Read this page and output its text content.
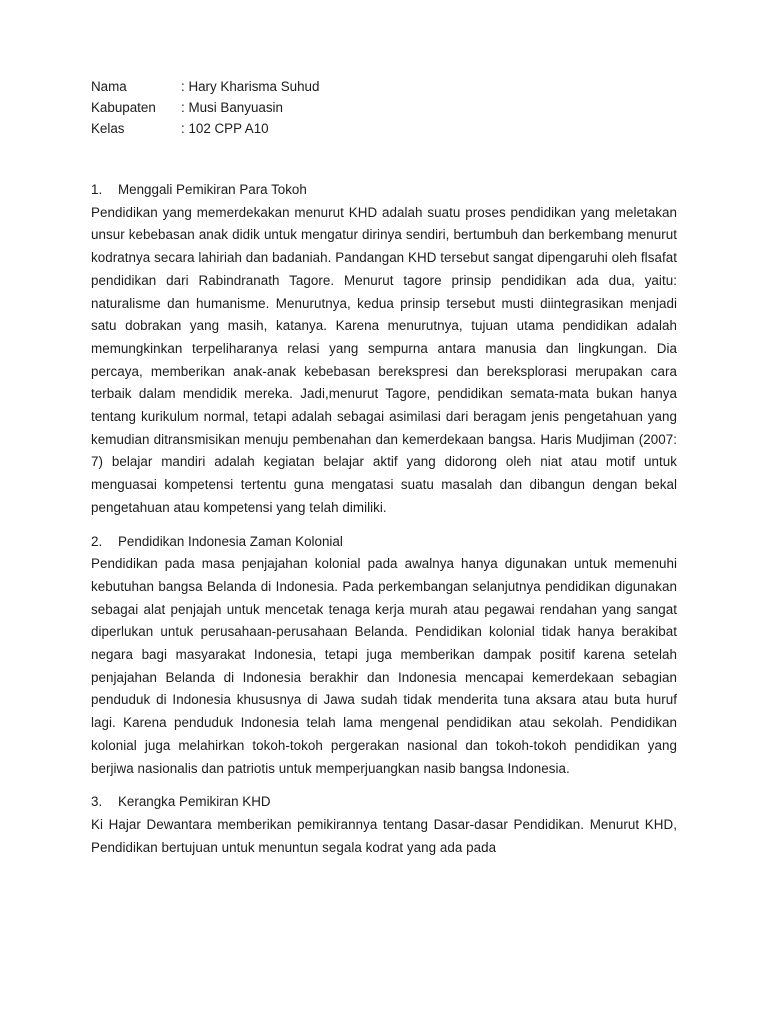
Nama	: Hary Kharisma Suhud
Kabupaten	: Musi Banyuasin
Kelas	: 102 CPP A10
1.	Menggali Pemikiran Para Tokoh

Pendidikan yang memerdekakan menurut KHD adalah suatu proses pendidikan yang meletakan unsur kebebasan anak didik untuk mengatur dirinya sendiri, bertumbuh dan berkembang menurut kodratnya secara lahiriah dan badaniah. Pandangan KHD tersebut sangat dipengaruhi oleh flsafat pendidikan dari Rabindranath Tagore. Menurut tagore prinsip pendidikan ada dua, yaitu: naturalisme dan humanisme. Menurutnya, kedua prinsip tersebut musti diintegrasikan menjadi satu dobrakan yang masih, katanya. Karena menurutnya, tujuan utama pendidikan adalah memungkinkan terpeliharanya relasi yang sempurna antara manusia dan lingkungan. Dia percaya, memberikan anak-anak kebebasan berekspresi dan bereksplorasi merupakan cara terbaik dalam mendidik mereka. Jadi,menurut Tagore, pendidikan semata-mata bukan hanya tentang kurikulum normal, tetapi adalah sebagai asimilasi dari beragam jenis pengetahuan yang kemudian ditransmisikan menuju pembenahan dan kemerdekaan bangsa. Haris Mudjiman (2007: 7) belajar mandiri adalah kegiatan belajar aktif yang didorong oleh niat atau motif untuk menguasai kompetensi tertentu guna mengatasi suatu masalah dan dibangun dengan bekal pengetahuan atau kompetensi yang telah dimiliki.

2.	Pendidikan Indonesia Zaman Kolonial

Pendidikan pada masa penjajahan kolonial pada awalnya hanya digunakan untuk memenuhi kebutuhan bangsa Belanda di Indonesia. Pada perkembangan selanjutnya pendidikan digunakan sebagai alat penjajah untuk mencetak tenaga kerja murah atau pegawai rendahan yang sangat diperlukan untuk perusahaan-perusahaan Belanda. Pendidikan kolonial tidak hanya berakibat negara bagi masyarakat Indonesia, tetapi juga memberikan dampak positif karena setelah penjajahan Belanda di Indonesia berakhir dan Indonesia mencapai kemerdekaan sebagian penduduk di Indonesia khususnya di Jawa sudah tidak menderita tuna aksara atau buta huruf lagi. Karena penduduk Indonesia telah lama mengenal pendidikan atau sekolah. Pendidikan kolonial juga melahirkan tokoh-tokoh pergerakan nasional dan tokoh-tokoh pendidikan yang berjiwa nasionalis dan patriotis untuk memperjuangkan nasib bangsa Indonesia.

3.	Kerangka Pemikiran KHD

Ki Hajar Dewantara memberikan pemikirannya tentang Dasar-dasar Pendidikan. Menurut KHD, Pendidikan bertujuan untuk menuntun segala kodrat yang ada pada
